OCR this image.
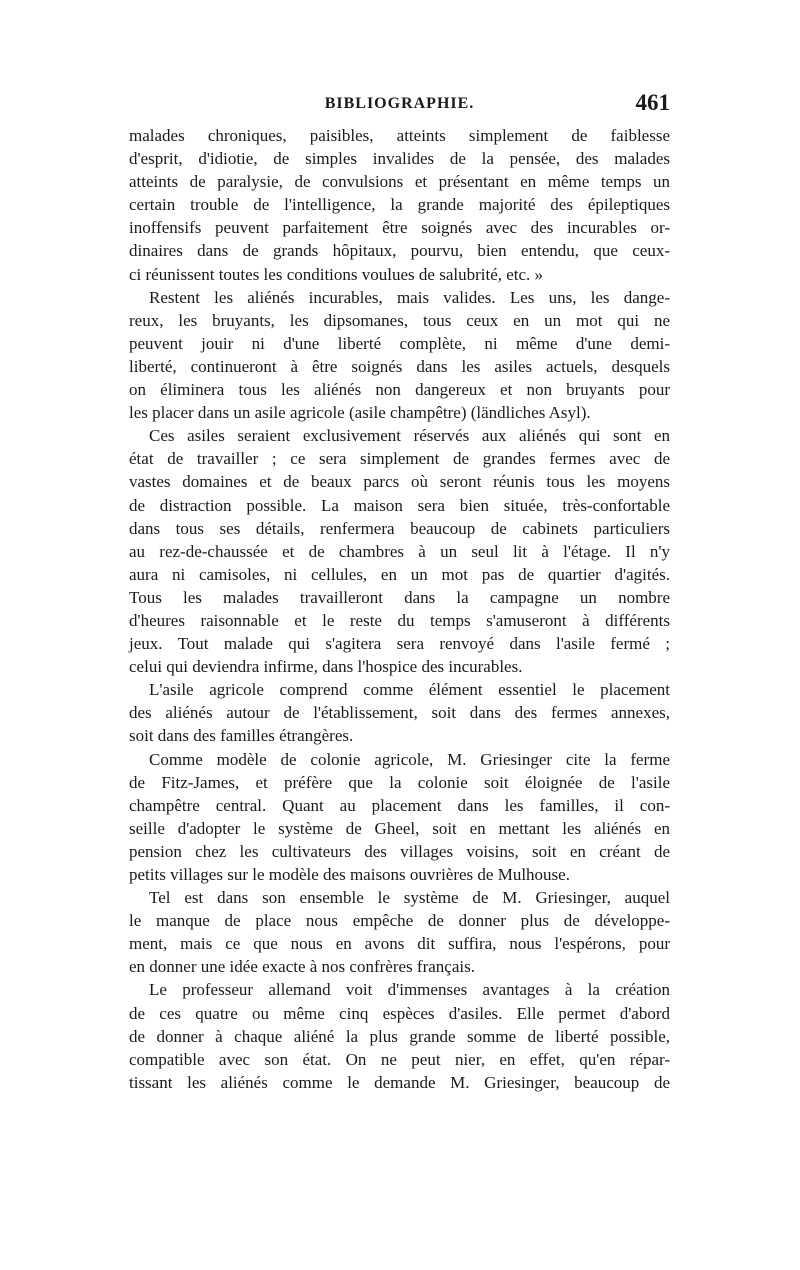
BIBLIOGRAPHIE.	461

malades chroniques, paisibles, atteints simplement de faiblesse
d'esprit, d'idiotie, de simples invalides de la pensée, des malades
atteints de paralysie, de convulsions et présentant en même temps un
certain trouble de l'intelligence, la grande majorité des épileptiques
inoffensifs peuvent parfaitement être soignés avec des incurables or-
dinaires dans de grands hôpitaux, pourvu, bien entendu, que ceux-
ci réunissent toutes les conditions voulues de salubrité, etc. »

Restent les aliénés incurables, mais valides. Les uns, les dange-
reux, les bruyants, les dipsomanes, tous ceux en un mot qui ne
peuvent jouir ni d'une liberté complète, ni même d'une demi-
liberté, continueront à être soignés dans les asiles actuels, desquels
on éliminera tous les aliénés non dangereux et non bruyants pour
les placer dans un asile agricole (asile champêtre) (ländliches Asyl).

Ces asiles seraient exclusivement réservés aux aliénés qui sont en
état de travailler ; ce sera simplement de grandes fermes avec de
vastes domaines et de beaux parcs où seront réunis tous les moyens
de distraction possible. La maison sera bien située, très-confortable
dans tous ses détails, renfermera beaucoup de cabinets particuliers
au rez-de-chaussée et de chambres à un seul lit à l'étage. Il n'y
aura ni camisoles, ni cellules, en un mot pas de quartier d'agités.
Tous les malades travailleront dans la campagne un nombre
d'heures raisonnable et le reste du temps s'amuseront à différents
jeux. Tout malade qui s'agitera sera renvoyé dans l'asile fermé ;
celui qui deviendra infirme, dans l'hospice des incurables.

L'asile agricole comprend comme élément essentiel le placement
des aliénés autour de l'établissement, soit dans des fermes annexes,
soit dans des familles étrangères.

Comme modèle de colonie agricole, M. Griesinger cite la ferme
de Fitz-James, et préfère que la colonie soit éloignée de l'asile
champêtre central. Quant au placement dans les familles, il con-
seille d'adopter le système de Gheel, soit en mettant les aliénés en
pension chez les cultivateurs des villages voisins, soit en créant de
petits villages sur le modèle des maisons ouvrières de Mulhouse.

Tel est dans son ensemble le système de M. Griesinger, auquel
le manque de place nous empêche de donner plus de développe-
ment, mais ce que nous en avons dit suffira, nous l'espérons, pour
en donner une idée exacte à nos confrères français.

Le professeur allemand voit d'immenses avantages à la création
de ces quatre ou même cinq espèces d'asiles. Elle permet d'abord
de donner à chaque aliéné la plus grande somme de liberté possible,
compatible avec son état. On ne peut nier, en effet, qu'en répar-
tissant les aliénés comme le demande M. Griesinger, beaucoup de
